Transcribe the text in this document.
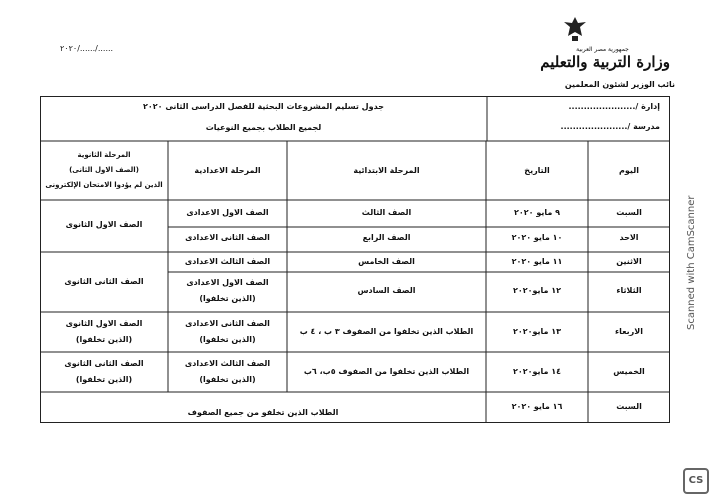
جمهورية مصر العربية
وزارة التربية والتعليم
نائب الوزير لشئون المعلمين
٢٠٢٠/....../......
إدارة /......................
مدرسة /......................
جدول تسليم المشروعات البحثية للفصل الدراسى الثانى ٢٠٢٠
لجميع الطلاب بجميع النوعيات
اليوم
التاريخ
المرحلة الابتدائية
المرحلة الاعدادية
المرحلة الثانوية
(الصف الاول الثانى)
الذين لم يؤدوا الامتحان الإلكترونى
السبت
٩ مايو ٢٠٢٠
الصف الثالث
الصف الاول الاعدادى
الاحد
١٠ مايو ٢٠٢٠
الصف الرابع
الصف الثانى الاعدادى
الصف الاول الثانوى
الاثنين
١١ مايو ٢٠٢٠
الصف الخامس
الصف الثالث الاعدادى
الثلاثاء
١٢ مايو٢٠٢٠
الصف السادس
الصف الاول الاعدادى
(الذين تخلفوا)
الصف الثانى الثانوى
الاربعاء
١٣ مايو٢٠٢٠
الطلاب الذين تخلفوا من الصفوف ٣ ب ، ٤ ب
الصف الثانى الاعدادى
(الذين تخلفوا)
الصف الاول الثانوى
(الذين تخلفوا)
الخميس
١٤ مايو٢٠٢٠
الطلاب الذين تخلفوا من الصفوف ٥ب، ٦ب
الصف الثالث الاعدادى
(الذين تخلفوا)
الصف الثانى الثانوى
(الذين تخلفوا)
السبت
١٦ مايو ٢٠٢٠
الطلاب الذين تخلفو من جميع الصفوف
Scanned with CamScanner
CS
